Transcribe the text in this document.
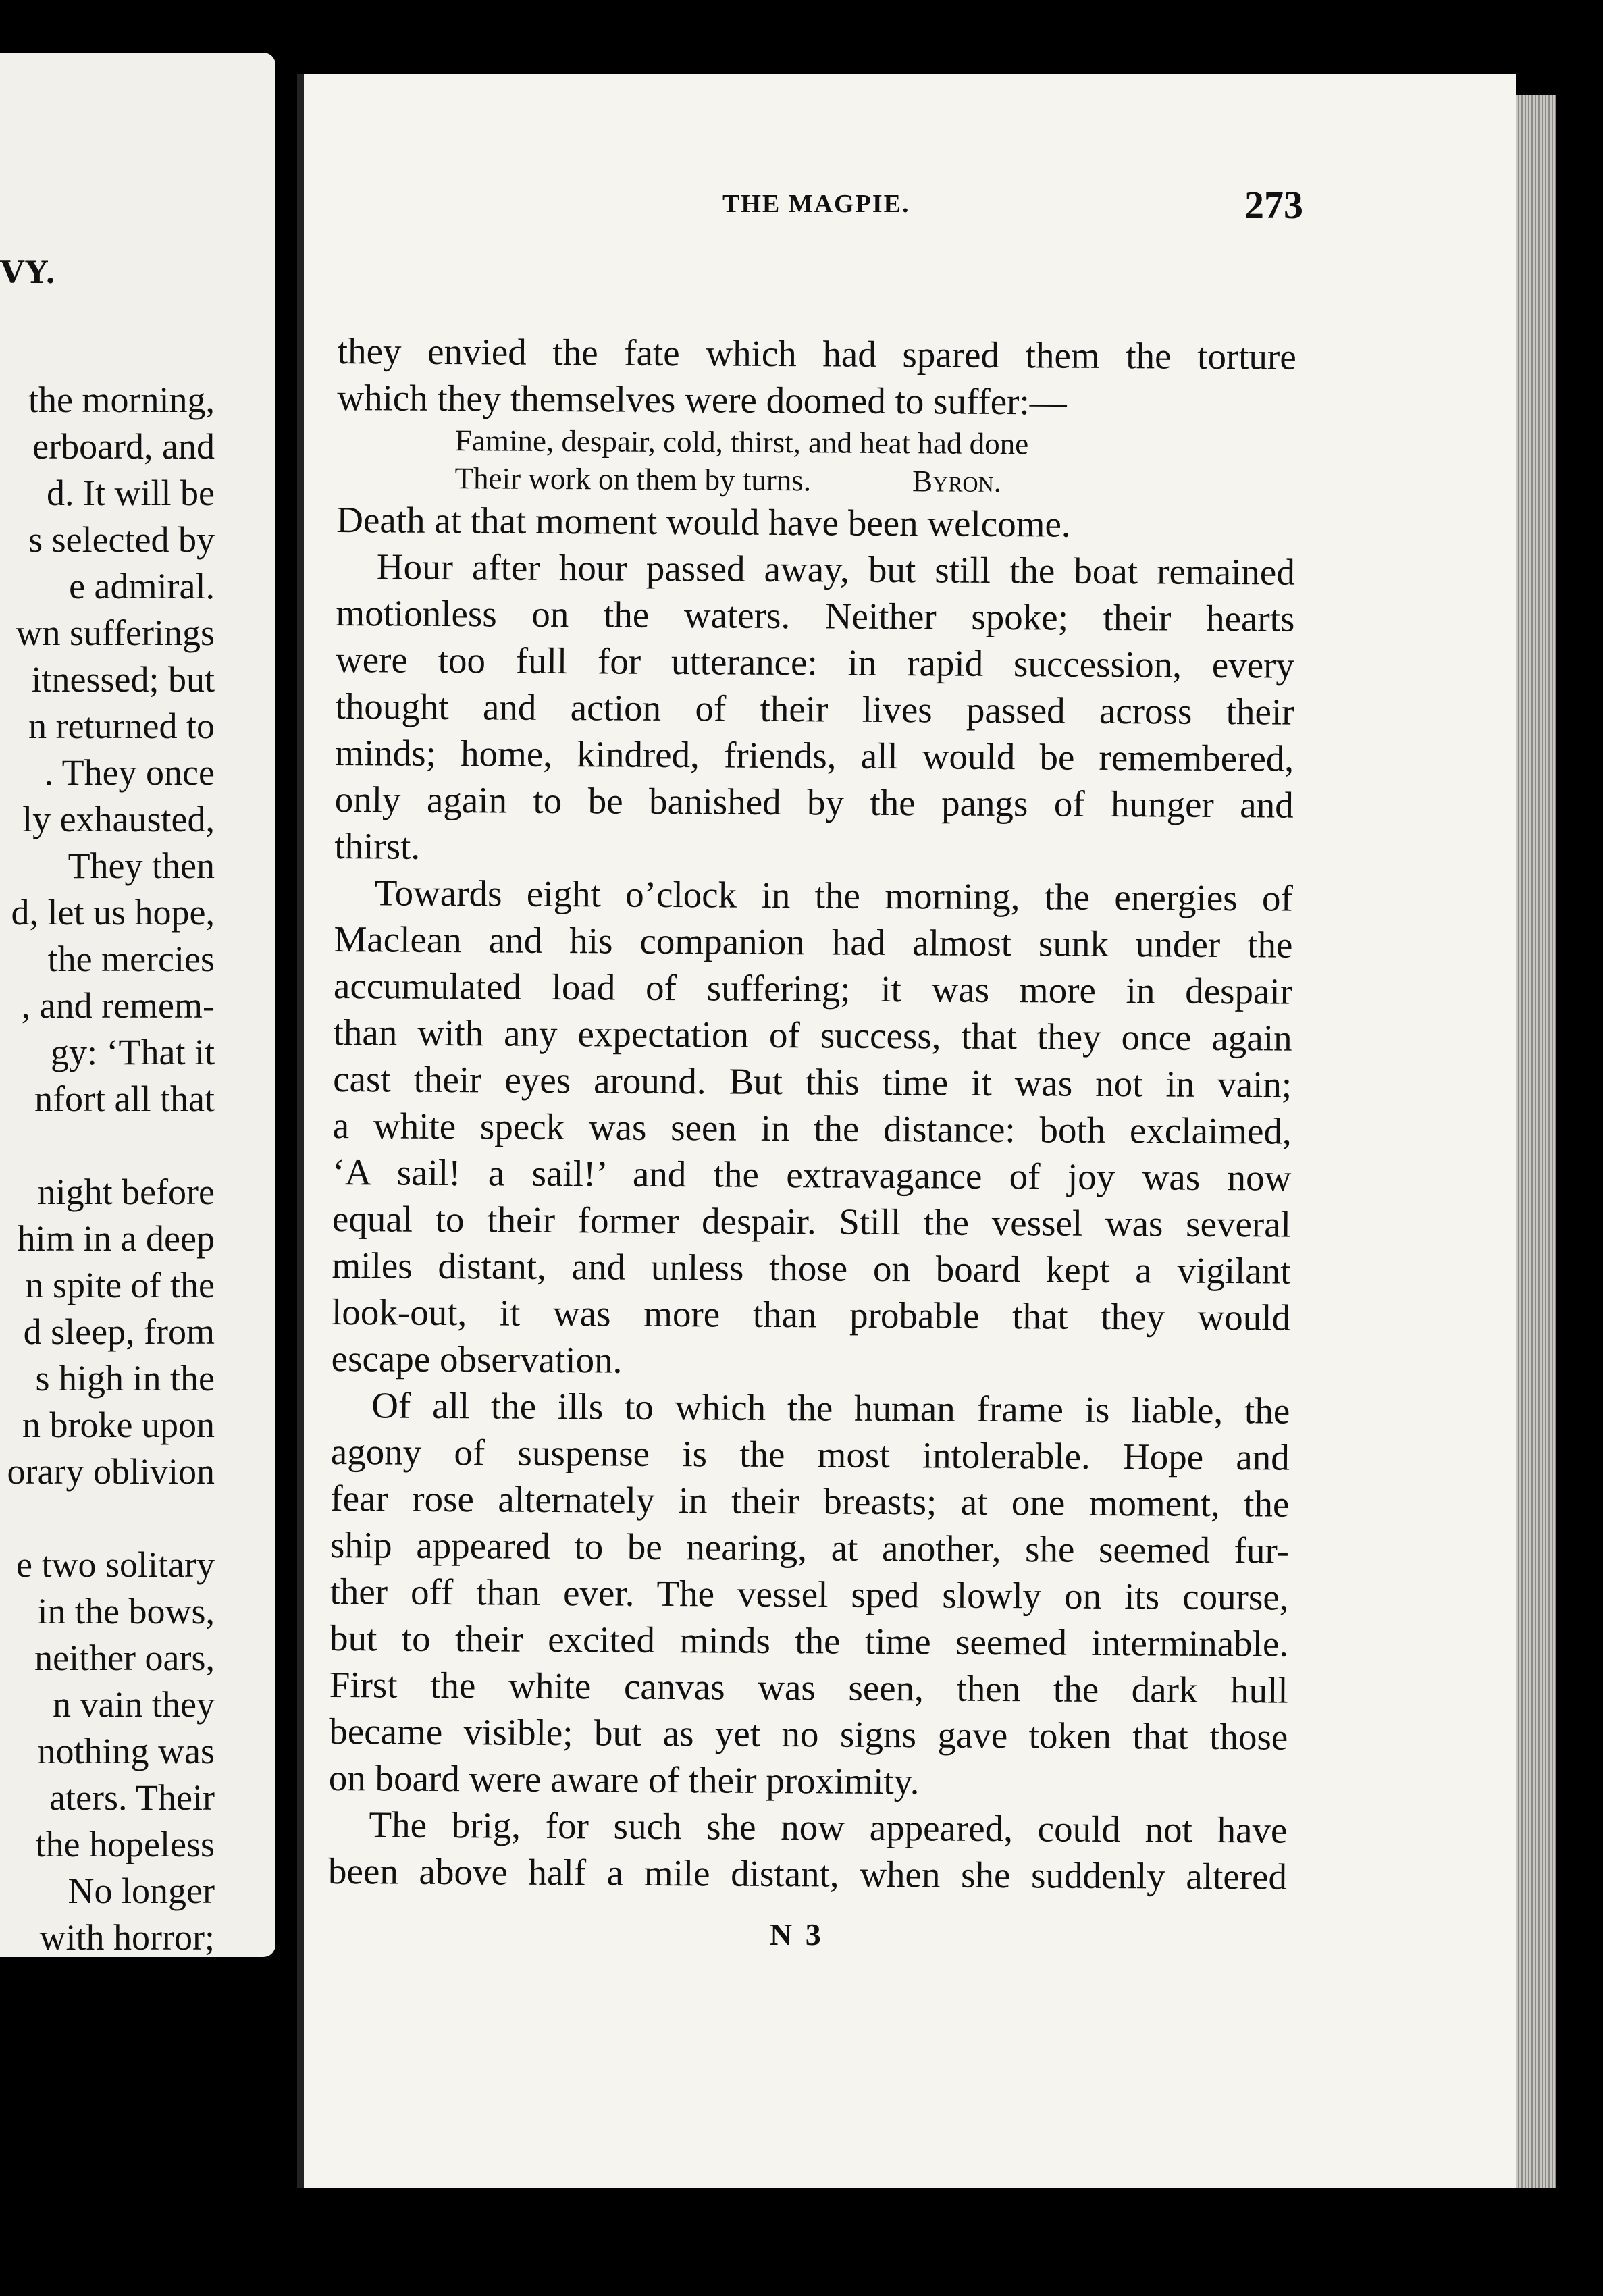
VY.
the morning,
erboard, and
d. It will be
s selected by
e admiral.
wn sufferings
itnessed; but
n returned to
. They once
ly exhausted,
They then
d, let us hope,
the mercies
, and remem-
gy: ‘That it
nfort all that
night before
him in a deep
n spite of the
d sleep, from
s high in the
n broke upon
orary oblivion
e two solitary
in the bows,
neither oars,
n vain they
nothing was
aters. Their
the hopeless
No longer
with horror;
THE MAGPIE.	273
they envied the fate which had spared them the torture
which they themselves were doomed to suffer:—
Famine, despair, cold, thirst, and heat had done
Their work on them by turns.	Byron.
Death at that moment would have been welcome.
Hour after hour passed away, but still the boat remained
motionless on the waters. Neither spoke; their hearts
were too full for utterance: in rapid succession, every
thought and action of their lives passed across their
minds; home, kindred, friends, all would be remembered,
only again to be banished by the pangs of hunger and
thirst.
Towards eight o’clock in the morning, the energies of
Maclean and his companion had almost sunk under the
accumulated load of suffering; it was more in despair
than with any expectation of success, that they once again
cast their eyes around. But this time it was not in vain;
a white speck was seen in the distance: both exclaimed,
‘A sail! a sail!’ and the extravagance of joy was now
equal to their former despair. Still the vessel was several
miles distant, and unless those on board kept a vigilant
look-out, it was more than probable that they would
escape observation.
Of all the ills to which the human frame is liable, the
agony of suspense is the most intolerable. Hope and
fear rose alternately in their breasts; at one moment, the
ship appeared to be nearing, at another, she seemed fur-
ther off than ever. The vessel sped slowly on its course,
but to their excited minds the time seemed interminable.
First the white canvas was seen, then the dark hull
became visible; but as yet no signs gave token that those
on board were aware of their proximity.
The brig, for such she now appeared, could not have
been above half a mile distant, when she suddenly altered
N 3
